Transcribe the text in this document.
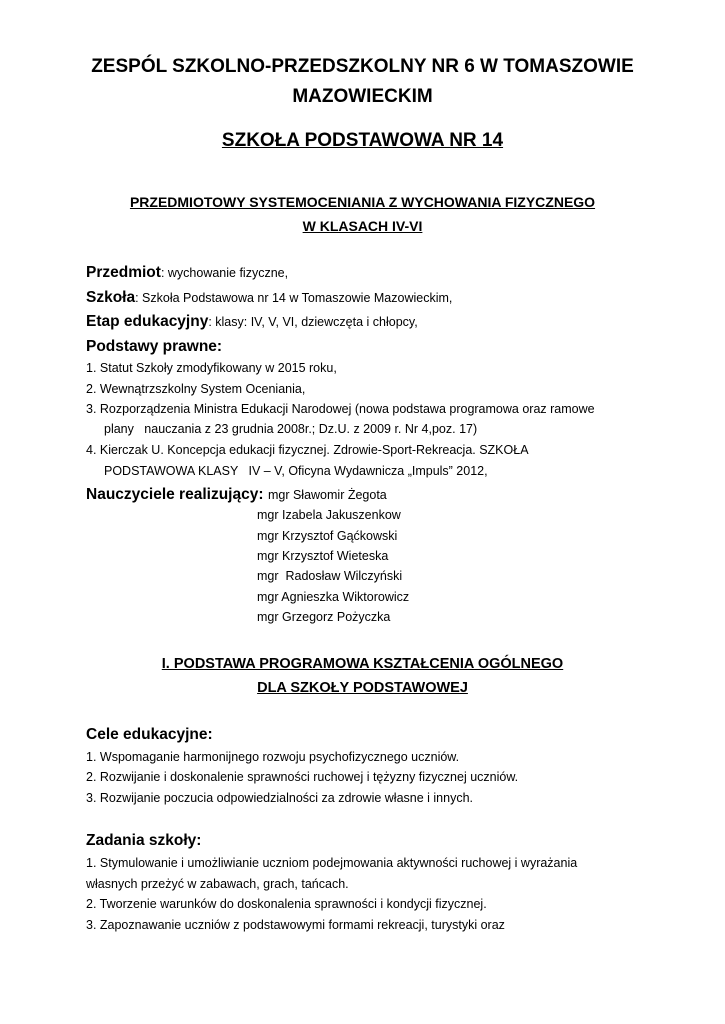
ZESPÓL SZKOLNO-PRZEDSZKOLNY NR 6 W TOMASZOWIE
MAZOWIECKIM
SZKOŁA PODSTAWOWA NR 14
PRZEDMIOTOWY SYSTEMOCENIANIA Z WYCHOWANIA FIZYCZNEGO
W KLASACH IV-VI
Przedmiot: wychowanie fizyczne,
Szkoła: Szkoła Podstawowa nr 14 w Tomaszowie Mazowieckim,
Etap edukacyjny: klasy: IV, V, VI, dziewczęta i chłopcy,
Podstawy prawne:
1. Statut Szkoły zmodyfikowany w 2015 roku,
2. Wewnątrzszkolny System Oceniania,
3. Rozporządzenia Ministra Edukacji Narodowej (nowa podstawa programowa oraz ramowe
plany   nauczania z 23 grudnia 2008r.; Dz.U. z 2009 r. Nr 4,poz. 17)
4. Kierczak U. Koncepcja edukacji fizycznej. Zdrowie-Sport-Rekreacja. SZKOŁA
PODSTAWOWA KLASY   IV – V, Oficyna Wydawnicza „Impuls” 2012,
Nauczyciele realizujący: mgr Sławomir Żegota
mgr Izabela Jakuszenkow
mgr Krzysztof Gąćkowski
mgr Krzysztof Wieteska
mgr  Radosław Wilczyński
mgr Agnieszka Wiktorowicz
mgr Grzegorz Pożyczka
I. PODSTAWA PROGRAMOWA KSZTAŁCENIA OGÓLNEGO
DLA SZKOŁY PODSTAWOWEJ
Cele edukacyjne:
1. Wspomaganie harmonijnego rozwoju psychofizycznego uczniów.
2. Rozwijanie i doskonalenie sprawności ruchowej i tężyzny fizycznej uczniów.
3. Rozwijanie poczucia odpowiedzialności za zdrowie własne i innych.
Zadania szkoły:
1. Stymulowanie i umożliwianie uczniom podejmowania aktywności ruchowej i wyrażania
własnych przeżyć w zabawach, grach, tańcach.
2. Tworzenie warunków do doskonalenia sprawności i kondycji fizycznej.
3. Zapoznawanie uczniów z podstawowymi formami rekreacji, turystyki oraz
